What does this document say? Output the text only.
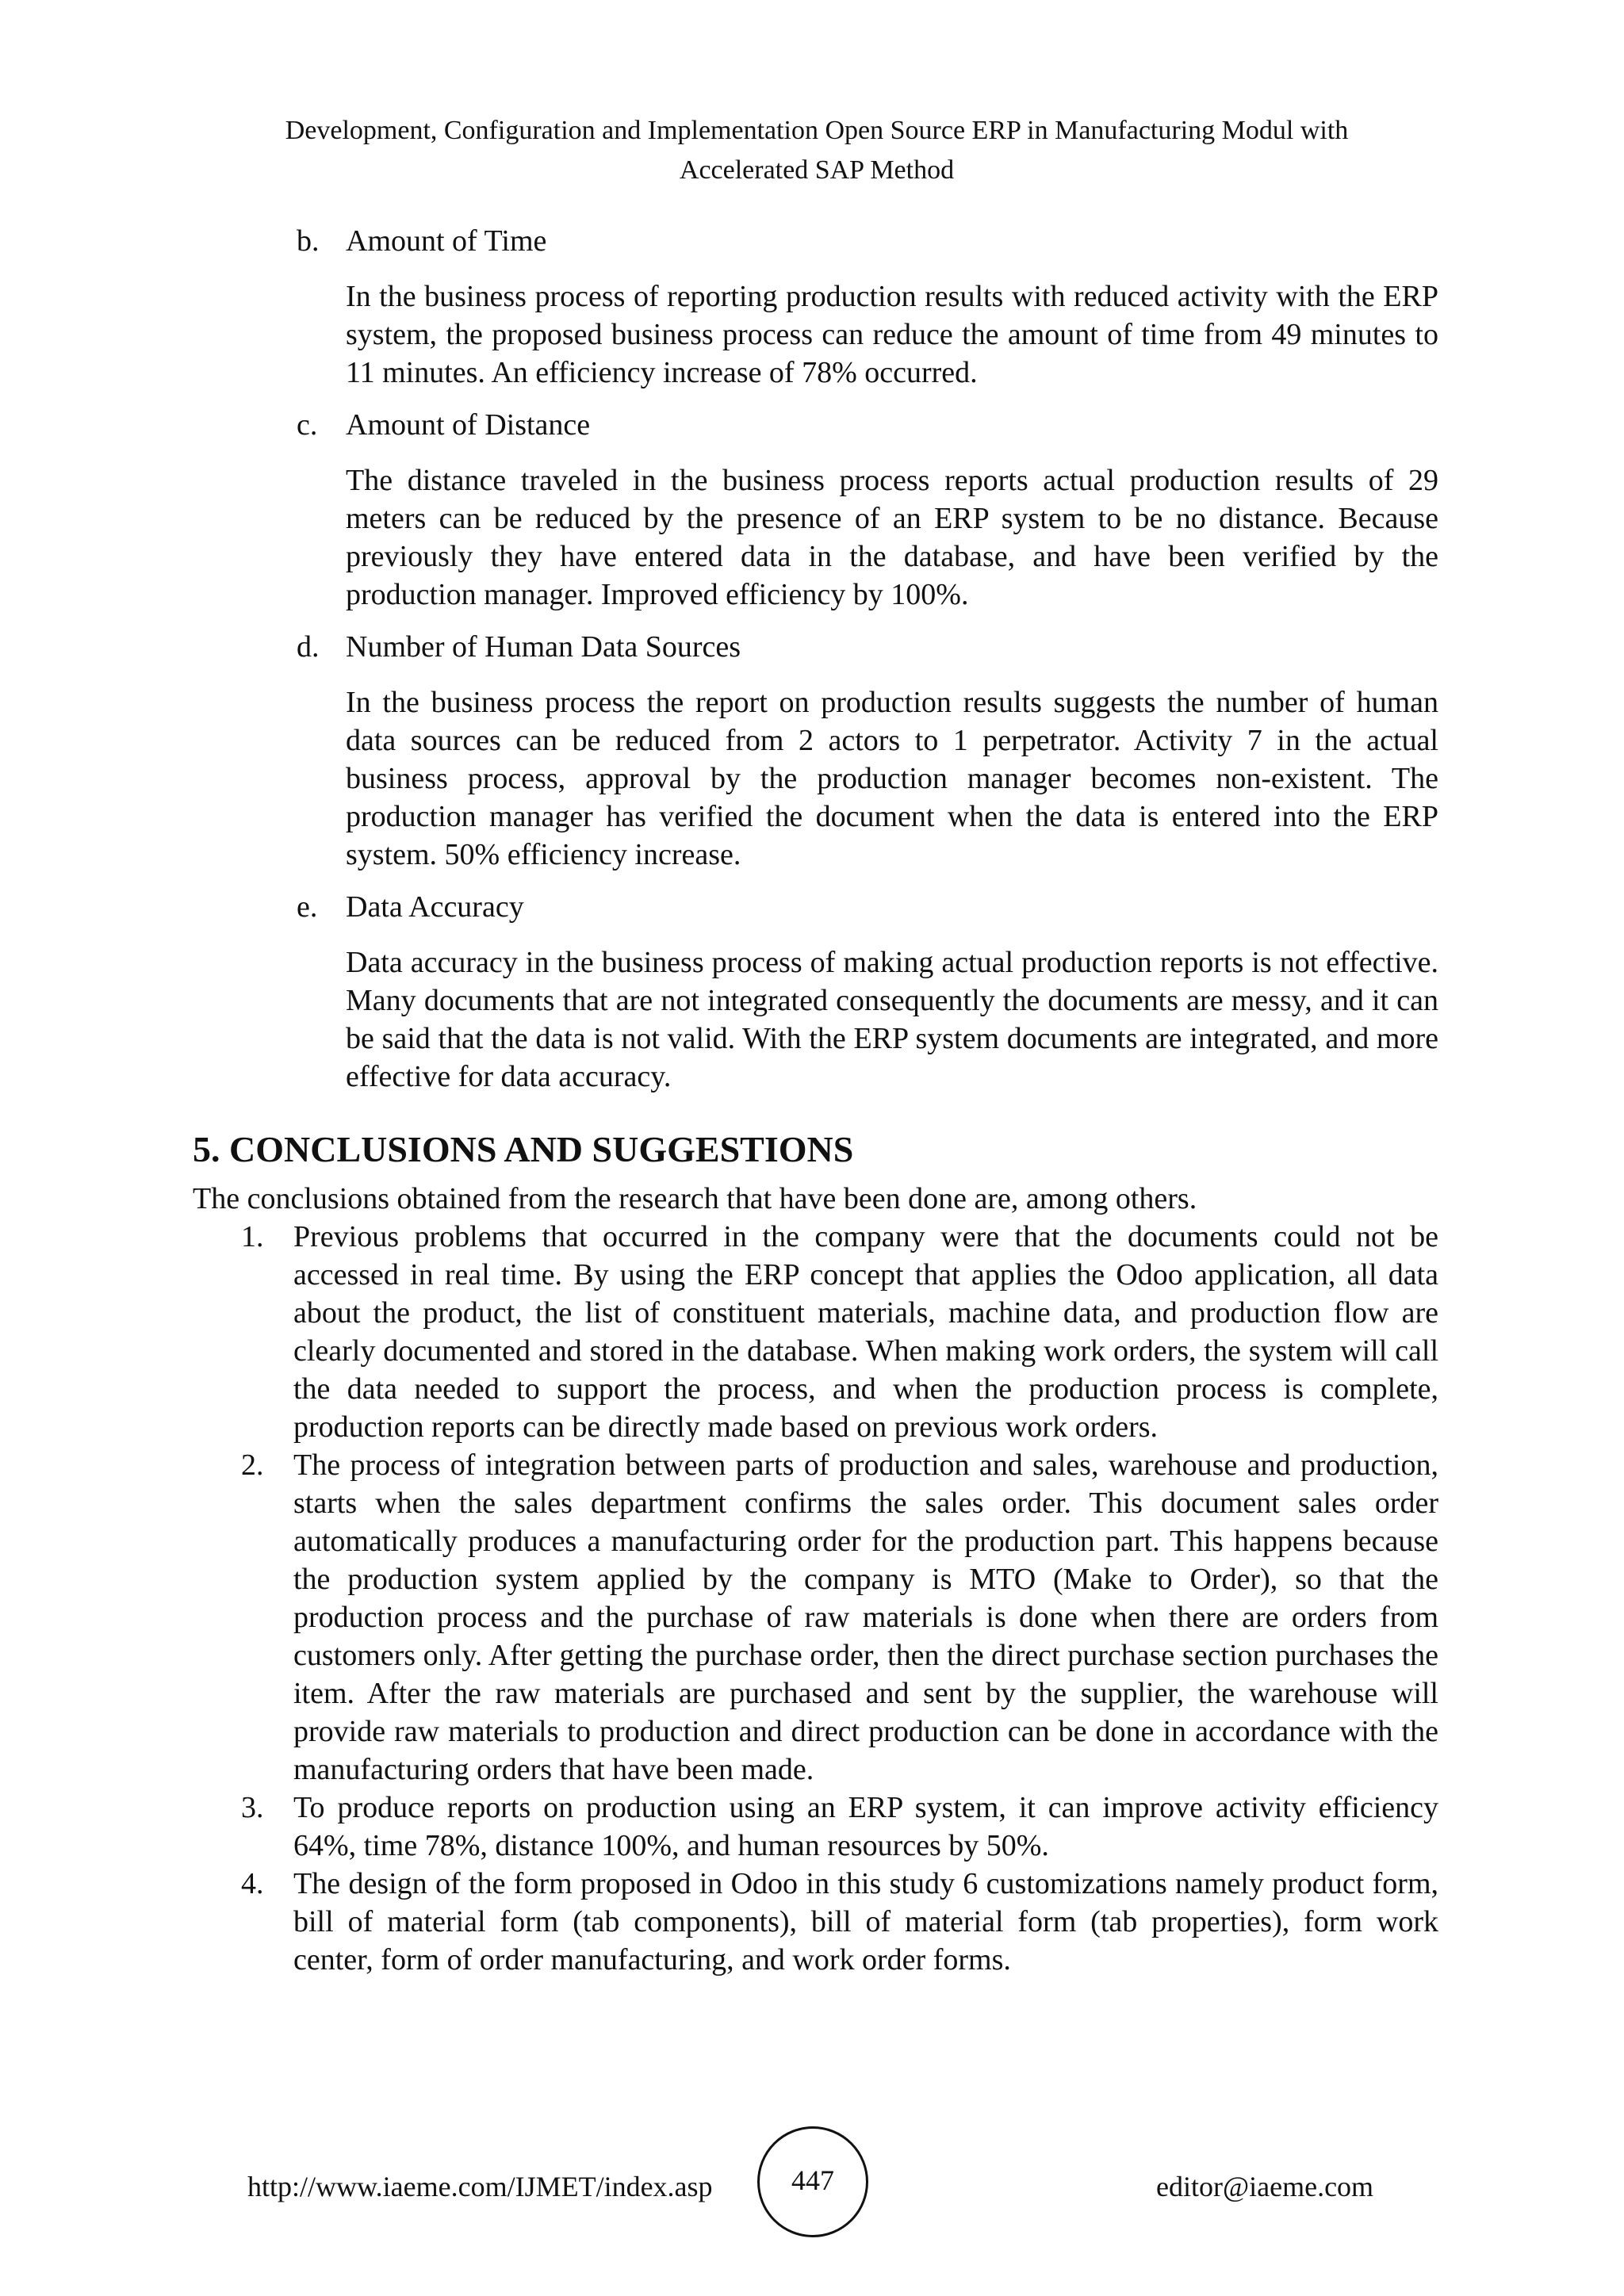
Development, Configuration and Implementation Open Source ERP in Manufacturing Modul with
Accelerated SAP Method
b. Amount of Time

In the business process of reporting production results with reduced activity with the ERP system, the proposed business process can reduce the amount of time from 49 minutes to 11 minutes. An efficiency increase of 78% occurred.

c. Amount of Distance

The distance traveled in the business process reports actual production results of 29 meters can be reduced by the presence of an ERP system to be no distance. Because previously they have entered data in the database, and have been verified by the production manager. Improved efficiency by 100%.

d. Number of Human Data Sources

In the business process the report on production results suggests the number of human data sources can be reduced from 2 actors to 1 perpetrator. Activity 7 in the actual business process, approval by the production manager becomes non-existent. The production manager has verified the document when the data is entered into the ERP system. 50% efficiency increase.

e. Data Accuracy

Data accuracy in the business process of making actual production reports is not effective. Many documents that are not integrated consequently the documents are messy, and it can be said that the data is not valid. With the ERP system documents are integrated, and more effective for data accuracy.

5. CONCLUSIONS AND SUGGESTIONS

The conclusions obtained from the research that have been done are, among others.

1. Previous problems that occurred in the company were that the documents could not be accessed in real time. By using the ERP concept that applies the Odoo application, all data about the product, the list of constituent materials, machine data, and production flow are clearly documented and stored in the database. When making work orders, the system will call the data needed to support the process, and when the production process is complete, production reports can be directly made based on previous work orders.
2. The process of integration between parts of production and sales, warehouse and production, starts when the sales department confirms the sales order. This document sales order automatically produces a manufacturing order for the production part. This happens because the production system applied by the company is MTO (Make to Order), so that the production process and the purchase of raw materials is done when there are orders from customers only. After getting the purchase order, then the direct purchase section purchases the item. After the raw materials are purchased and sent by the supplier, the warehouse will provide raw materials to production and direct production can be done in accordance with the manufacturing orders that have been made.
3. To produce reports on production using an ERP system, it can improve activity efficiency 64%, time 78%, distance 100%, and human resources by 50%.
4. The design of the form proposed in Odoo in this study 6 customizations namely product form, bill of material form (tab components), bill of material form (tab properties), form work center, form of order manufacturing, and work order forms.
http://www.iaeme.com/IJMET/index.asp	447	editor@iaeme.com
